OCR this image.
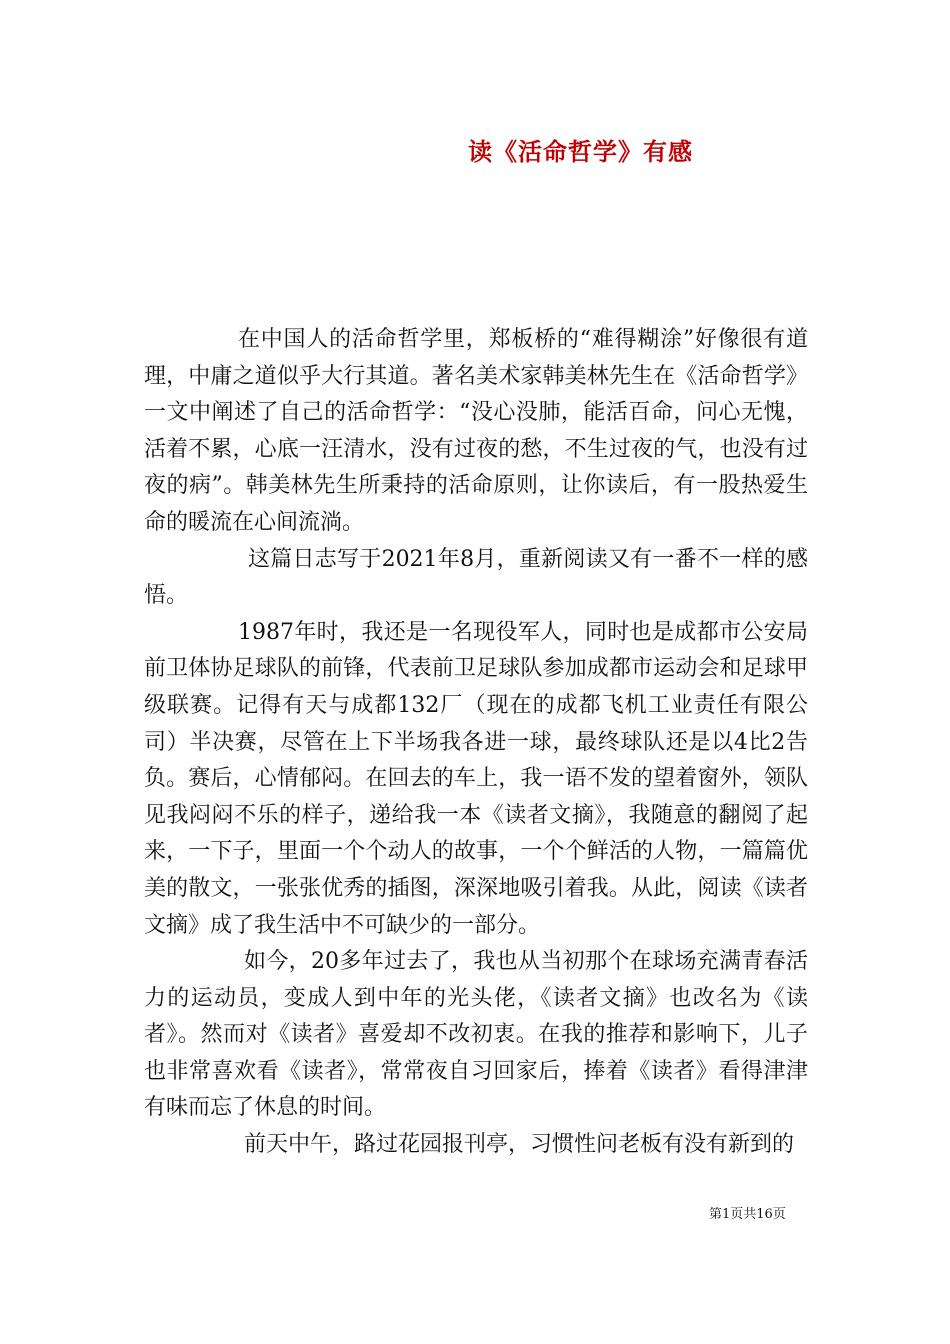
读《活命哲学》有感

在中国人的活命哲学里，郑板桥的“难得糊涂”好像很有道理，中庸之道似乎大行其道。著名美术家韩美林先生在《活命哲学》一文中阐述了自己的活命哲学：“没心没肺，能活百命，问心无愧，活着不累，心底一汪清水，没有过夜的愁，不生过夜的气，也没有过夜的病”。韩美林先生所秉持的活命原则，让你读后，有一股热爱生命的暖流在心间流淌。

这篇日志写于2021年8月，重新阅读又有一番不一样的感悟。

1987年时，我还是一名现役军人，同时也是成都市公安局前卫体协足球队的前锋，代表前卫足球队参加成都市运动会和足球甲级联赛。记得有天与成都132厂（现在的成都飞机工业责任有限公司）半决赛，尽管在上下半场我各进一球，最终球队还是以4比2告负。赛后，心情郁闷。在回去的车上，我一语不发的望着窗外，领队见我闷闷不乐的样子，递给我一本《读者文摘》，我随意的翻阅了起来，一下子，里面一个个动人的故事，一个个鲜活的人物，一篇篇优美的散文，一张张优秀的插图，深深地吸引着我。从此，阅读《读者文摘》成了我生活中不可缺少的一部分。

如今，20多年过去了，我也从当初那个在球场充满青春活力的运动员，变成人到中年的光头佬，《读者文摘》也改名为《读者》。然而对《读者》喜爱却不改初衷。在我的推荐和影响下，儿子也非常喜欢看《读者》，常常夜自习回家后，捧着《读者》看得津津有味而忘了休息的时间。

前天中午，路过花园报刊亭，习惯性问老板有没有新到的

第1页共16页
